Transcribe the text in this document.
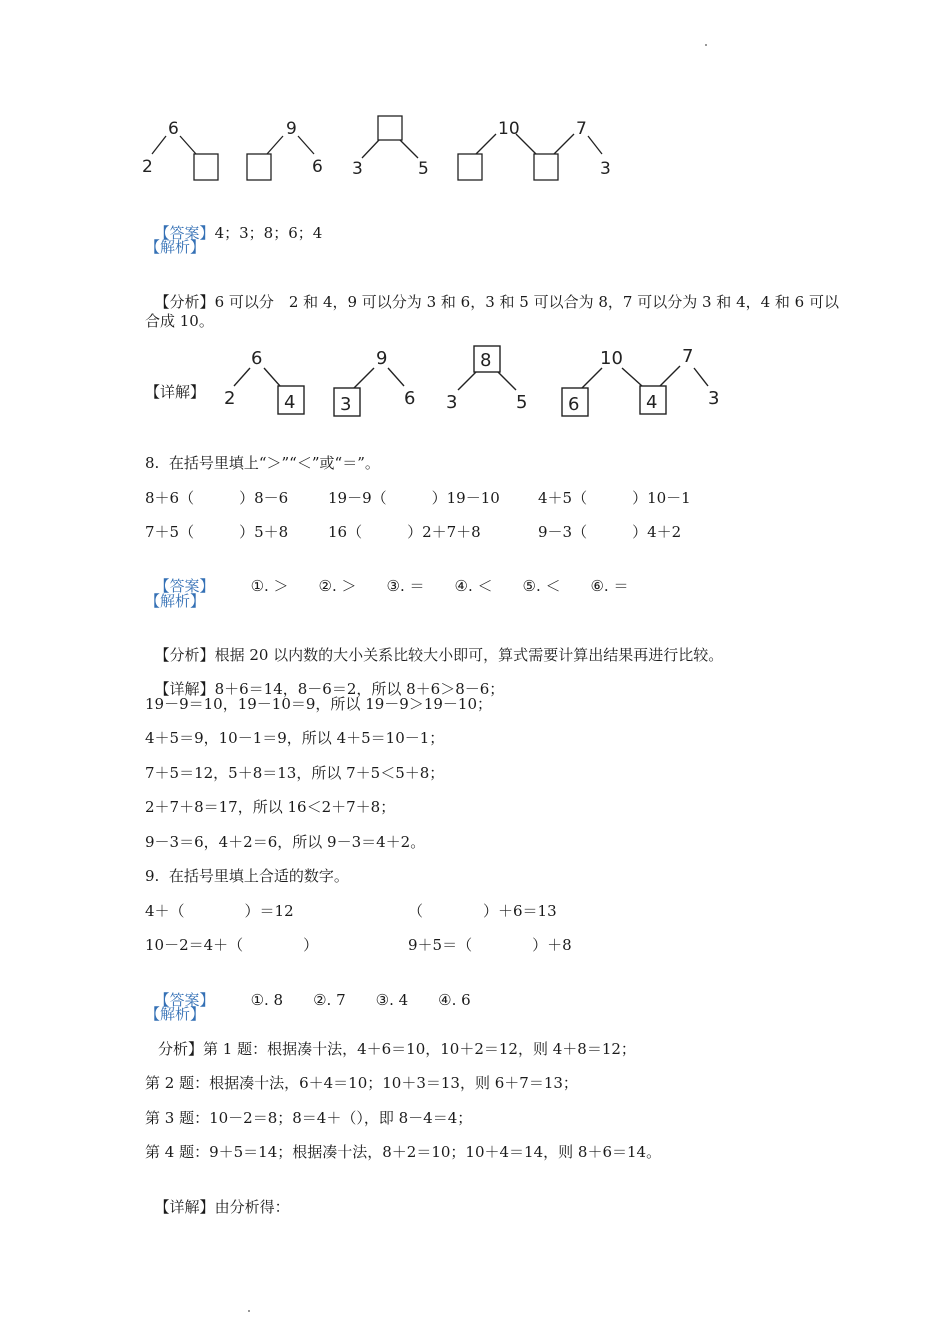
6
2
9
6 3	5
10	7
3

【答案】4；3；8；6；4

【解析】

【分析】6 可以分　2 和 4，9 可以分为 3 和 6，3 和 5 可以合为 8，7 可以分为 3 和 4，4 和 6 可以

合成 10。
【详解】
6
2	4 3
9
6
8
3	5 6
10
4
7
3
8.  在括号里填上“＞”“＜”或“＝”。
8＋6（　　　）8－6	19－9（　　　）19－10	4＋5（　　　）10－1
7＋5（　　　）5＋8	16（　　　）2＋7＋8	9－3（　　　）4＋2

【答案】 ①. ＞　　②. ＞　　③. ＝　　④. ＜　　⑤. ＜　　⑥. ＝

【解析】

【分析】根据 20 以内数的大小关系比较大小即可，算式需要计算出结果再进行比较。

【详解】8＋6＝14，8－6＝2，所以 8＋6＞8－6；

19－9＝10，19－10＝9，所以 19－9＞19－10；
4＋5＝9，10－1＝9，所以 4＋5＝10－1；
7＋5＝12，5＋8＝13，所以 7＋5＜5＋8；
2＋7＋8＝17，所以 16＜2＋7＋8；
9－3＝6，4＋2＝6，所以 9－3＝4＋2。
9.  在括号里填上合适的数字。
4＋（　　　　）＝12	（　　　　）＋6＝13
10－2＝4＋（　　　　）	9＋5＝（　　　　）＋8

【答案】 ①. 8　　②. 7　　③. 4　　④. 6

【解析】
分析】第 1 题：根据凑十法，4＋6＝10，10＋2＝12，则 4＋8＝12；
第 2 题：根据凑十法，6＋4＝10；10＋3＝13，则 6＋7＝13；
第 3 题：10－2＝8；8＝4＋（），即 8－4＝4；
第 4 题：9＋5＝14；根据凑十法，8＋2＝10；10＋4＝14，则 8＋6＝14。

【详解】由分析得：
